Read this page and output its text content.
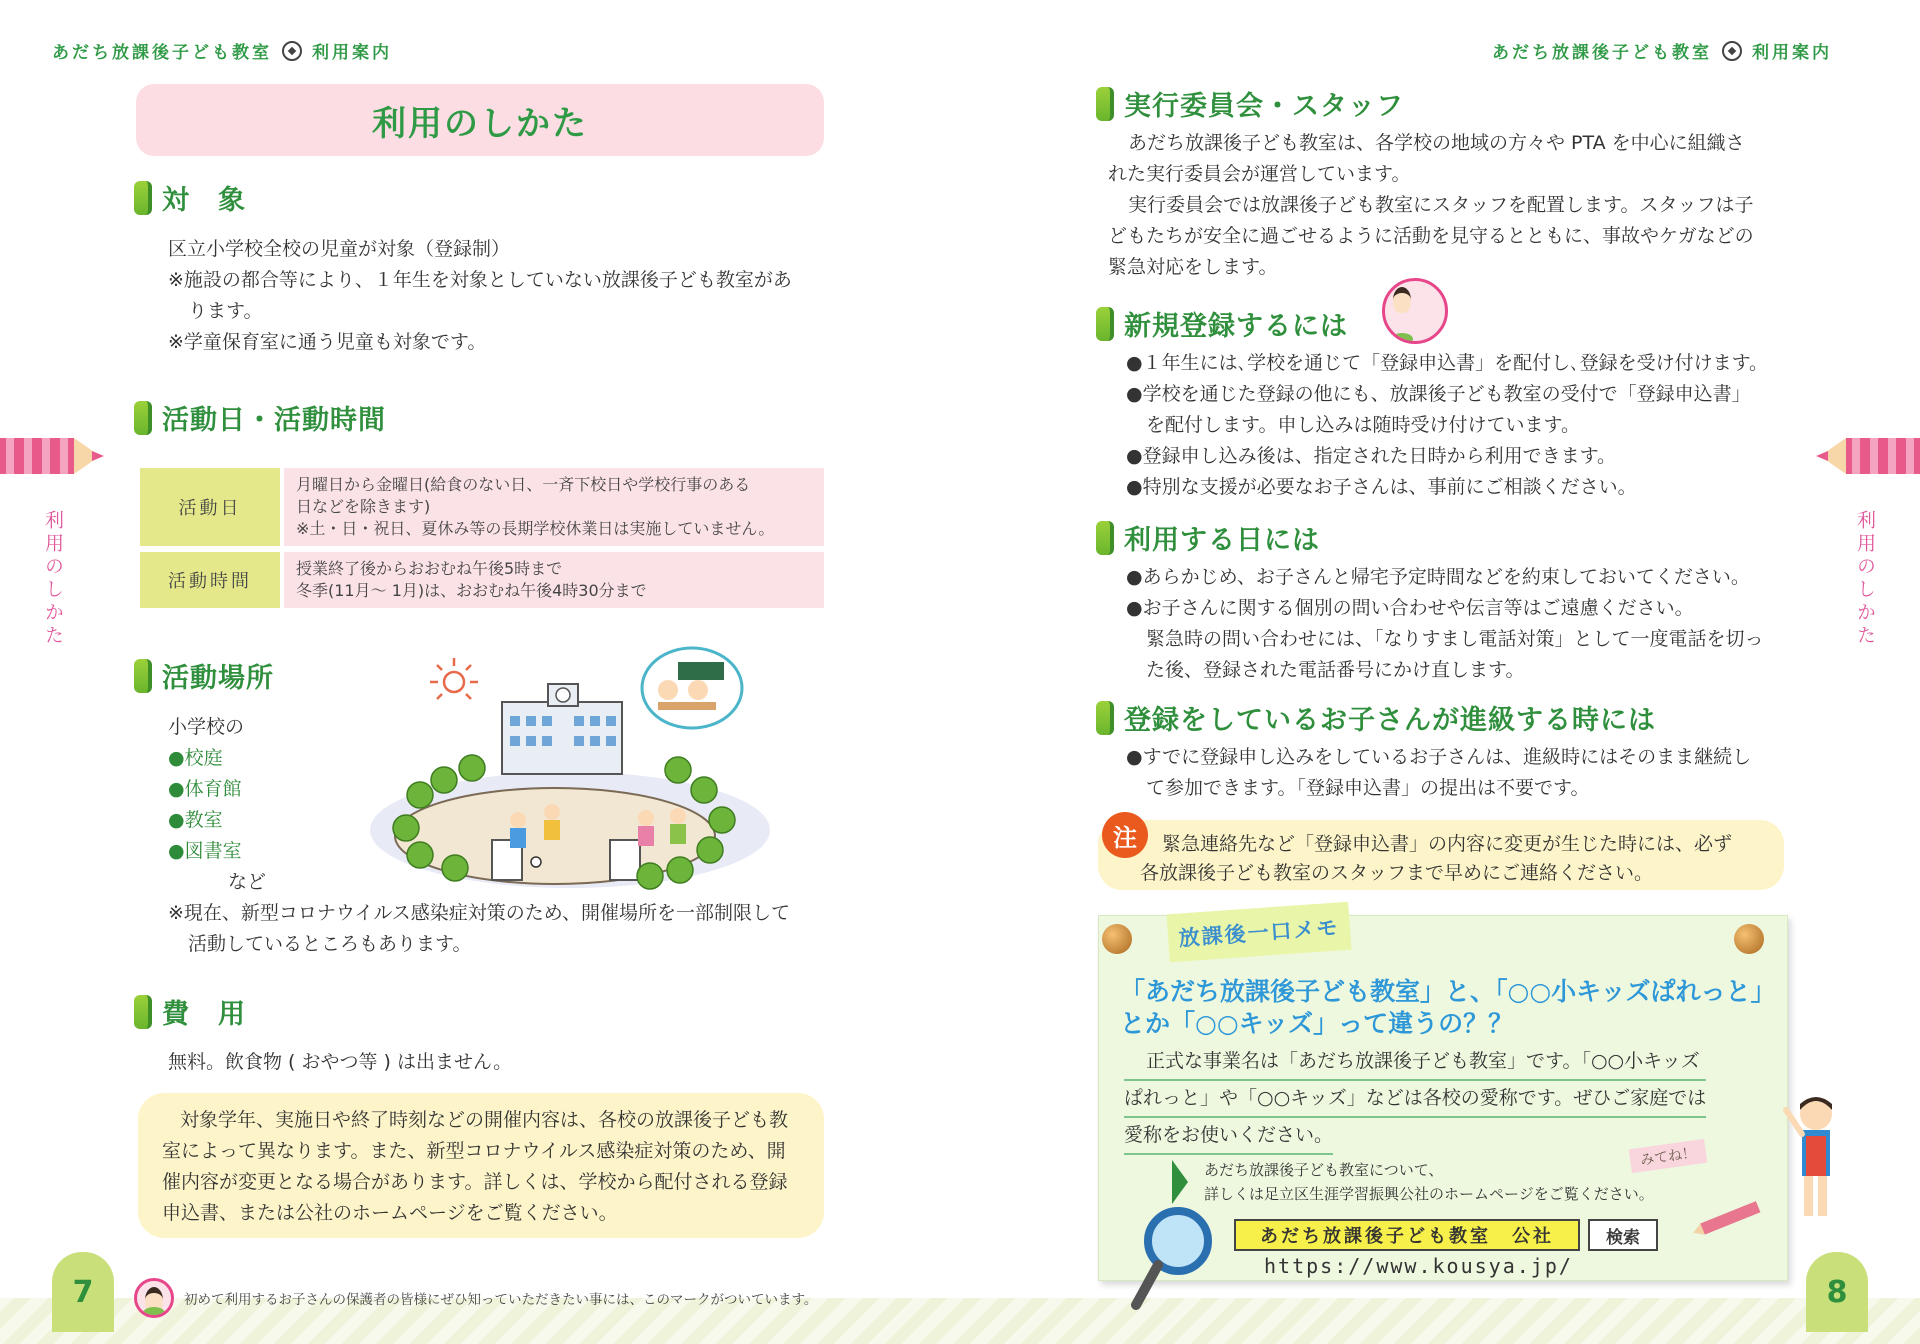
あだち放課後子ども教室 利用案内
利用のしかた
対　象

区立小学校全校の児童が対象（登録制）

※施設の都合等により、１年生を対象としていない放課後子ども教室があ

ります。

※学童保育室に通う児童も対象です。

活動日・活動時間
活動日	月曜日から金曜日(給食のない日、一斉下校日や学校行事のある
日などを除きます)
※土・日・祝日、夏休み等の長期学校休業日は実施していません。

活動時間	授業終了後からおおむね午後5時まで
冬季(11月～ 1月)は、おおむね午後4時30分まで
活動場所

小学校の

●校庭

●体育館

●教室

●図書室

など

※現在、新型コロナウイルス感染症対策のため、開催場所を一部制限して

活動しているところもあります。

費　用

無料。飲食物 ( おやつ等 ) は出ません。

対象学年、実施日や終了時刻などの開催内容は、各校の放課後子ども教

室によって異なります。また、新型コロナウイルス感染症対策のため、開

催内容が変更となる場合があります。詳しくは、学校から配付される登録

申込書、または公社のホームページをご覧ください。

7	初めて利用するお子さんの保護者の皆様にぜひ知っていただきたい事には、このマークがついています。
利用のしかた
あだち放課後子ども教室 利用案内
実行委員会・スタッフ

あだち放課後子ども教室は、各学校の地域の方々や PTA を中心に組織さ

れた実行委員会が運営しています。

実行委員会では放課後子ども教室にスタッフを配置します。スタッフは子

どもたちが安全に過ごせるように活動を見守るとともに、事故やケガなどの

緊急対応をします。

新規登録するには

●１年生には､学校を通じて「登録申込書」を配付し､登録を受け付けます。

●学校を通じた登録の他にも、放課後子ども教室の受付で「登録申込書」

を配付します。申し込みは随時受け付けています。

●登録申し込み後は、指定された日時から利用できます。

●特別な支援が必要なお子さんは、事前にご相談ください。

利用する日には

●あらかじめ、お子さんと帰宅予定時間などを約束しておいてください。

●お子さんに関する個別の問い合わせや伝言等はご遠慮ください。

緊急時の問い合わせには、「なりすまし電話対策」として一度電話を切っ

た後、登録された電話番号にかけ直します。

登録をしているお子さんが進級する時には

●すでに登録申し込みをしているお子さんは、進級時にはそのまま継続し

て参加できます。「登録申込書」の提出は不要です。

緊急連絡先など「登録申込書」の内容に変更が生じた時には、必ず

各放課後子ども教室のスタッフまで早めにご連絡ください。

注
放課後一口メモ

「あだち放課後子ども教室」と、「○○小キッズぱれっと」

とか「○○キッズ」って違うの？？

正式な事業名は「あだち放課後子ども教室」です。「○○小キッズ

ぱれっと」や「○○キッズ」などは各校の愛称です。ぜひご家庭では

愛称をお使いください。

あだち放課後子ども教室について、

詳しくは足立区生涯学習振興公社のホームページをご覧ください。

みてね！
あだち放課後子ども教室　公社	検索
https://www.kousya.jp/
8
利用のしかた
